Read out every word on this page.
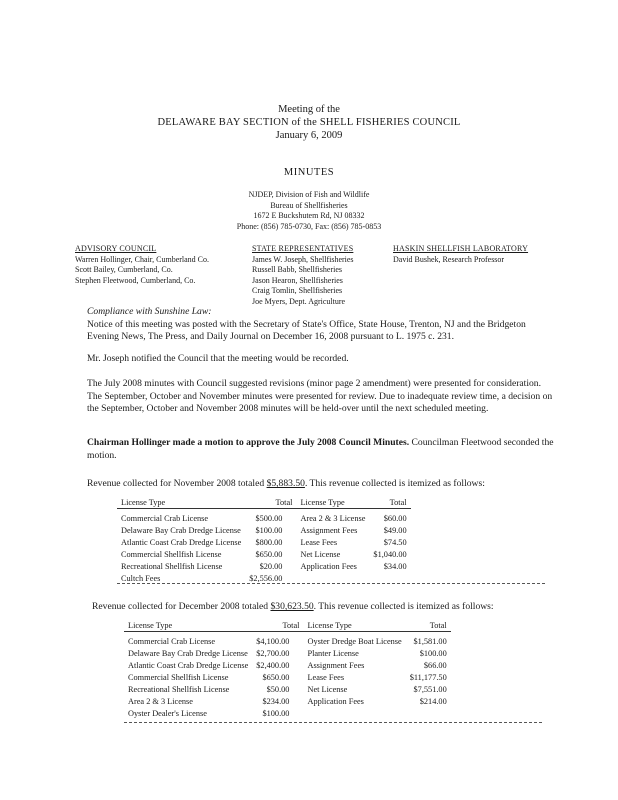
Meeting of the
DELAWARE BAY SECTION of the SHELL FISHERIES COUNCIL
January 6, 2009
MINUTES
NJDEP, Division of Fish and Wildlife
Bureau of Shellfisheries
1672 E Buckshutem Rd, NJ 08332
Phone: (856) 785-0730, Fax: (856) 785-0853
ADVISORY COUNCIL
Warren Hollinger, Chair, Cumberland Co.
Scott Bailey, Cumberland, Co.
Stephen Fleetwood, Cumberland, Co.
STATE REPRESENTATIVES
James W. Joseph, Shellfisheries
Russell Babb, Shellfisheries
Jason Hearon, Shellfisheries
Craig Tomlin, Shellfisheries
Joe Myers, Dept. Agriculture
HASKIN SHELLFISH LABORATORY
David Bushek, Research Professor
Compliance with Sunshine Law:
Notice of this meeting was posted with the Secretary of State's Office, State House, Trenton, NJ and the Bridgeton Evening News, The Press, and Daily Journal on December 16, 2008 pursuant to L. 1975 c. 231.
Mr. Joseph notified the Council that the meeting would be recorded.
The July 2008 minutes with Council suggested revisions (minor page 2 amendment) were presented for consideration. The September, October and November minutes were presented for review. Due to inadequate review time, a decision on the September, October and November 2008 minutes will be held-over until the next scheduled meeting.
Chairman Hollinger made a motion to approve the July 2008 Council Minutes. Councilman Fleetwood seconded the motion.
Revenue collected for November 2008 totaled $5,883.50. This revenue collected is itemized as follows:
License Type	Total	License Type	Total
Commercial Crab License	$500.00	Area 2 & 3 License	$60.00
Delaware Bay Crab Dredge License	$100.00	Assignment Fees	$49.00
Atlantic Coast Crab Dredge License	$800.00	Lease Fees	$74.50
Commercial Shellfish License	$650.00	Net License	$1,040.00
Recreational Shellfish License	$20.00	Application Fees	$34.00
Cultch Fees	$2,556.00		
Revenue collected for December 2008 totaled $30,623.50. This revenue collected is itemized as follows:
License Type	Total	License Type	Total
Commercial Crab License	$4,100.00	Oyster Dredge Boat License	$1,581.00
Delaware Bay Crab Dredge License	$2,700.00	Planter License	$100.00
Atlantic Coast Crab Dredge License	$2,400.00	Assignment Fees	$66.00
Commercial Shellfish License	$650.00	Lease Fees	$11,177.50
Recreational Shellfish License	$50.00	Net License	$7,551.00
Area 2 & 3 License	$234.00	Application Fees	$214.00
Oyster Dealer's License	$100.00		
